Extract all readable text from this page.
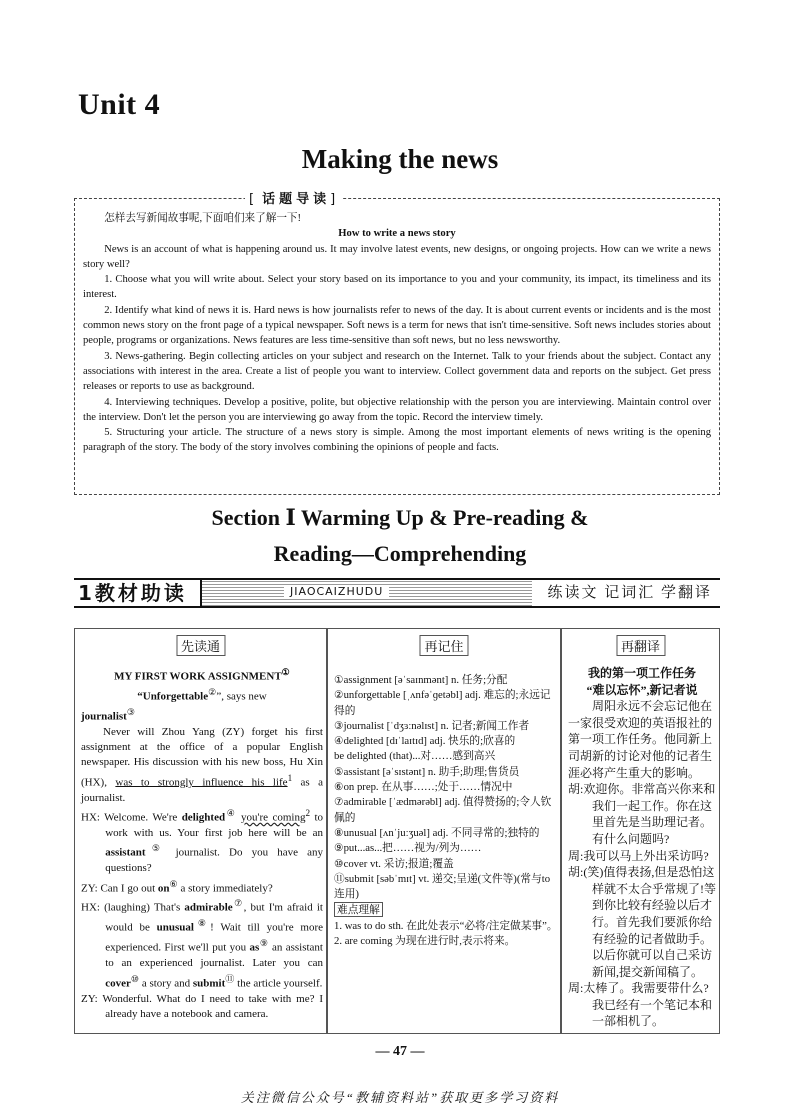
Unit 4
Making the news
[ 话题导读 ]

怎样去写新闻故事呢,下面咱们来了解一下!

How to write a news story

News is an account of what is happening around us. It may involve latest events, new designs, or ongoing projects. How can we write a news story well?

1. Choose what you will write about. Select your story based on its importance to you and your community, its impact, its timeliness and its interest.

2. Identify what kind of news it is. Hard news is how journalists refer to news of the day. It is about current events or incidents and is the most common news story on the front page of a typical newspaper. Soft news is a term for news that isn't time-sensitive. Soft news includes stories about people, programs or organizations. News features are less time-sensitive than soft news, but no less newsworthy.

3. News-gathering. Begin collecting articles on your subject and research on the Internet. Talk to your friends about the subject. Contact any associations with interest in the area. Create a list of people you want to interview. Collect government data and reports on the subject. Get press releases or reports to use as background.

4. Interviewing techniques. Develop a positive, polite, but objective relationship with the person you are interviewing. Maintain control over the interview. Don't let the person you are interviewing go away from the topic. Record the interview timely.

5. Structuring your article. The structure of a news story is simple. Among the most important elements of news writing is the opening paragraph of the story. The body of the story involves combining the opinions of people and facts.

Section Ⅰ Warming Up & Pre-reading &
Reading—Comprehending
1教材助读	JIAOCAIZHUDU	练读文 记词汇 学翻译
先读通

MY FIRST WORK ASSIGNMENT①

“Unforgettable②”, says new

journalist③

Never will Zhou Yang (ZY) forget his first assignment at the office of a popular English newspaper. His discussion with his new boss, Hu Xin (HX), was to strongly influence his life$^1$ as a journalist.

HX: Welcome. We're delighted④ you're coming$^2$ to work with us. Your first job here will be an assistant⑤ journalist. Do you have any questions?

ZY: Can I go out on⑥ a story immediately?

HX: (laughing) That's admirable⑦, but I'm afraid it would be unusual⑧! Wait till you're more experienced. First we'll put you as⑨ an assistant to an experienced journalist. Later you can cover⑩ a story and submit⑪ the article yourself.

ZY: Wonderful. What do I need to take with me? I already have a notebook and camera.

再记住

①assignment [əˈsaɪnmənt] n. 任务;分配

②unforgettable [ˌʌnfəˈɡetəbl] adj. 难忘的;永远记得的

③journalist [ˈdʒɜːnəlɪst] n. 记者;新闻工作者

④delighted [dɪˈlaɪtɪd] adj. 快乐的;欣喜的

be delighted (that)...对……感到高兴

⑤assistant [əˈsɪstənt] n. 助手;助理;售货员

⑥on prep. 在从事……;处于……情况中

⑦admirable [ˈædmərəbl] adj. 值得赞扬的;令人钦佩的

⑧unusual [ʌnˈjuːʒuəl] adj. 不同寻常的;独特的

⑨put...as...把……视为/列为……

⑩cover vt. 采访;报道;覆盖

⑪submit [səbˈmɪt] vt. 递交;呈递(文件等)(常与to连用)

难点理解

1. was to do sth. 在此处表示“必将/注定做某事”。

2. are coming 为现在进行时,表示将来。

再翻译

我的第一项工作任务

“难以忘怀”,新记者说

周阳永远不会忘记他在一家很受欢迎的英语报社的第一项工作任务。他同新上司胡新的讨论对他的记者生涯必将产生重大的影响。

胡:欢迎你。非常高兴你来和我们一起工作。你在这里首先是当助理记者。有什么问题吗?

周:我可以马上外出采访吗?

胡:(笑)值得表扬,但是恐怕这样就不太合乎常规了!等到你比较有经验以后才行。首先我们要派你给有经验的记者做助手。以后你就可以自己采访新闻,提交新闻稿了。

周:太棒了。我需要带什么?我已经有一个笔记本和一部相机了。

— 47 —
关注微信公众号“教辅资料站”获取更多学习资料
